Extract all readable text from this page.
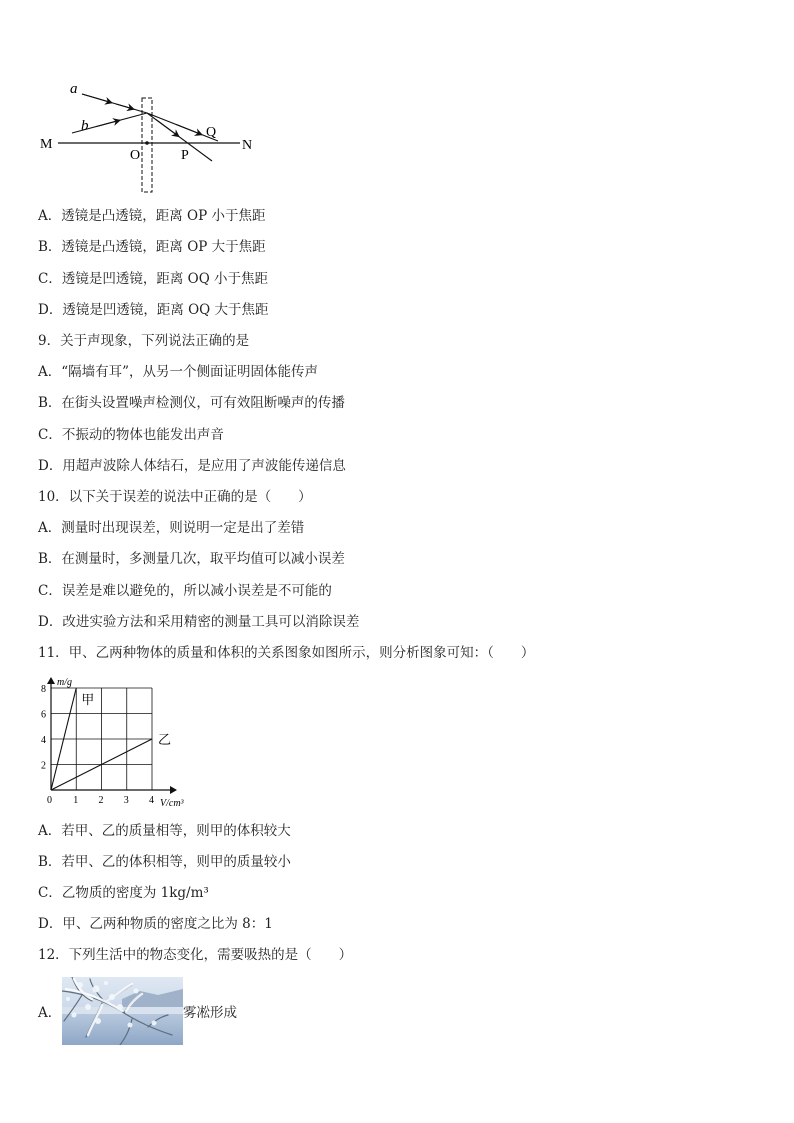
a
b
M
O	P
Q
N
A．透镜是凸透镜，距离 OP 小于焦距
B．透镜是凸透镜，距离 OP 大于焦距
C．透镜是凹透镜，距离 OQ 小于焦距
D．透镜是凹透镜，距离 OQ 大于焦距
9．关于声现象，下列说法正确的是
A．“隔墙有耳”，从另一个侧面证明固体能传声
B．在街头设置噪声检测仪，可有效阻断噪声的传播
C．不振动的物体也能发出声音
D．用超声波除人体结石，是应用了声波能传递信息
10．以下关于误差的说法中正确的是（　　）
A．测量时出现误差，则说明一定是出了差错
B．在测量时，多测量几次，取平均值可以减小误差
C．误差是难以避免的，所以减小误差是不可能的
D．改进实验方法和采用精密的测量工具可以消除误差
11．甲、乙两种物体的质量和体积的关系图象如图所示，则分析图象可知：（　　）
0 1 2 3 4
2
4
6
8
甲
乙
m/g
V/cm³
A．若甲、乙的质量相等，则甲的体积较大
B．若甲、乙的体积相等，则甲的质量较小
C．乙物质的密度为 1kg/m³
D．甲、乙两种物质的密度之比为 8：1
12．下列生活中的物态变化，需要吸热的是（　　）
A．	雾凇形成
